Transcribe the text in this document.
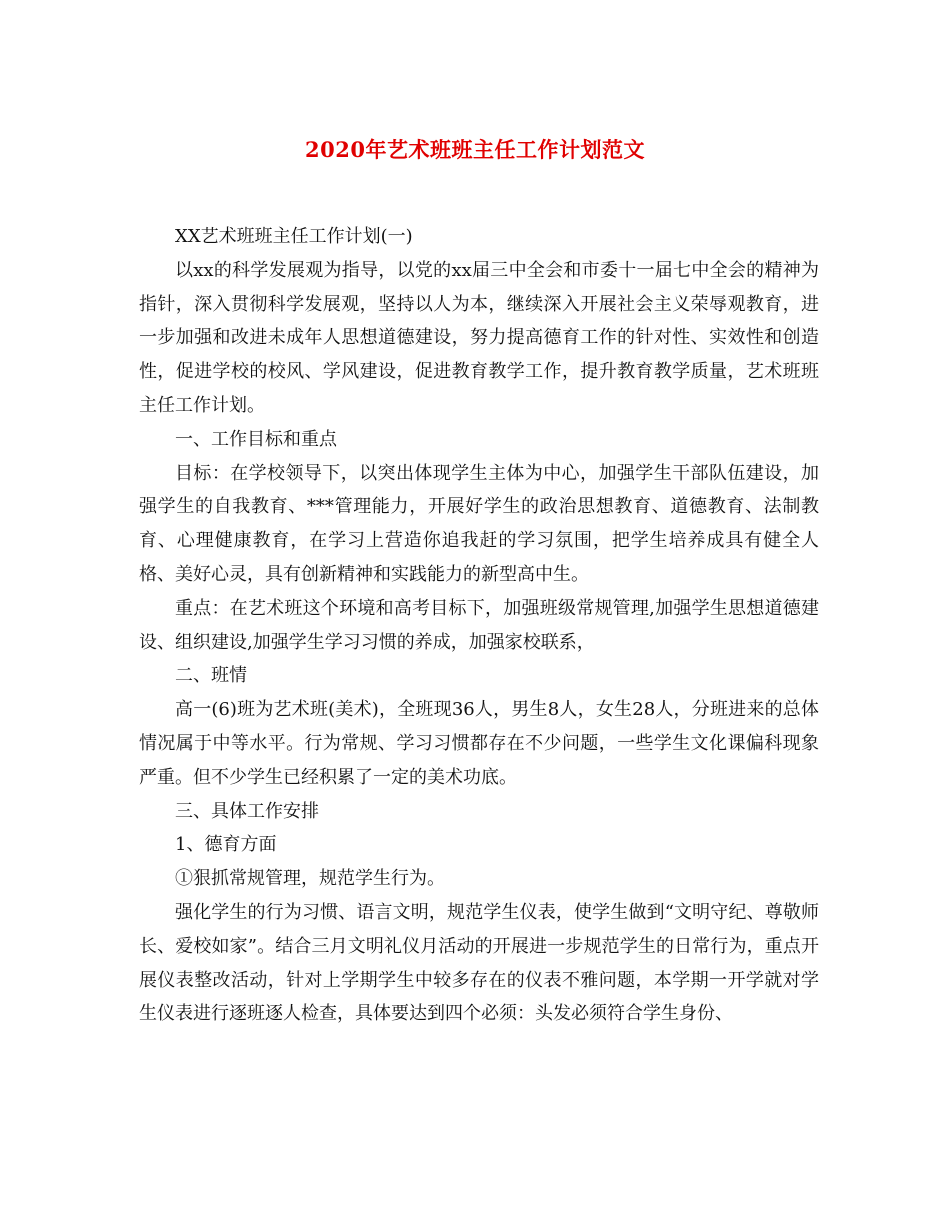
2020年艺术班班主任工作计划范文

XX艺术班班主任工作计划(一)

以xx的科学发展观为指导，以党的xx届三中全会和市委十一届七中全会的精神为指针，深入贯彻科学发展观，坚持以人为本，继续深入开展社会主义荣辱观教育，进一步加强和改进未成年人思想道德建设，努力提高德育工作的针对性、实效性和创造性，促进学校的校风、学风建设，促进教育教学工作，提升教育教学质量，艺术班班主任工作计划。

一、工作目标和重点

目标：在学校领导下，以突出体现学生主体为中心，加强学生干部队伍建设，加强学生的自我教育、***管理能力，开展好学生的政治思想教育、道德教育、法制教育、心理健康教育，在学习上营造你追我赶的学习氛围，把学生培养成具有健全人格、美好心灵，具有创新精神和实践能力的新型高中生。

重点：在艺术班这个环境和高考目标下，加强班级常规管理,加强学生思想道德建设、组织建设,加强学生学习习惯的养成，加强家校联系，

二、班情

高一(6)班为艺术班(美术)，全班现36人，男生8人，女生28人，分班进来的总体情况属于中等水平。行为常规、学习习惯都存在不少问题，一些学生文化课偏科现象严重。但不少学生已经积累了一定的美术功底。

三、具体工作安排

1、德育方面

①狠抓常规管理，规范学生行为。

强化学生的行为习惯、语言文明，规范学生仪表，使学生做到“文明守纪、尊敬师长、爱校如家”。结合三月文明礼仪月活动的开展进一步规范学生的日常行为，重点开展仪表整改活动，针对上学期学生中较多存在的仪表不雅问题，本学期一开学就对学生仪表进行逐班逐人检查，具体要达到四个必须：头发必须符合学生身份、
